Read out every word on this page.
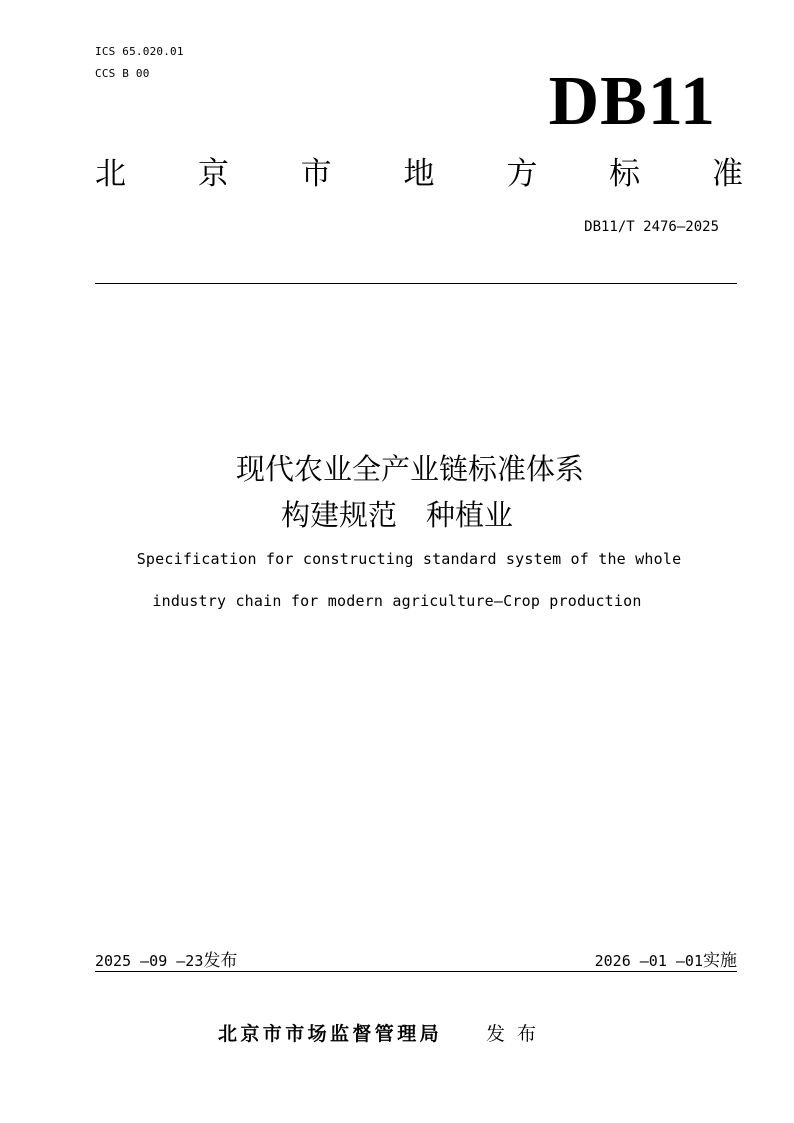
ICS 65.020.01
CCS B 00	DB11
北 京 市 地 方 标 准
DB11/T 2476—2025
现代农业全产业链标准体系
构建规范　种植业
Specification for constructing standard system of the whole
industry chain for modern agriculture—Crop production
2025 —09 —23发布	2026 —01 —01实施
北京市市场监督管理局 发布
